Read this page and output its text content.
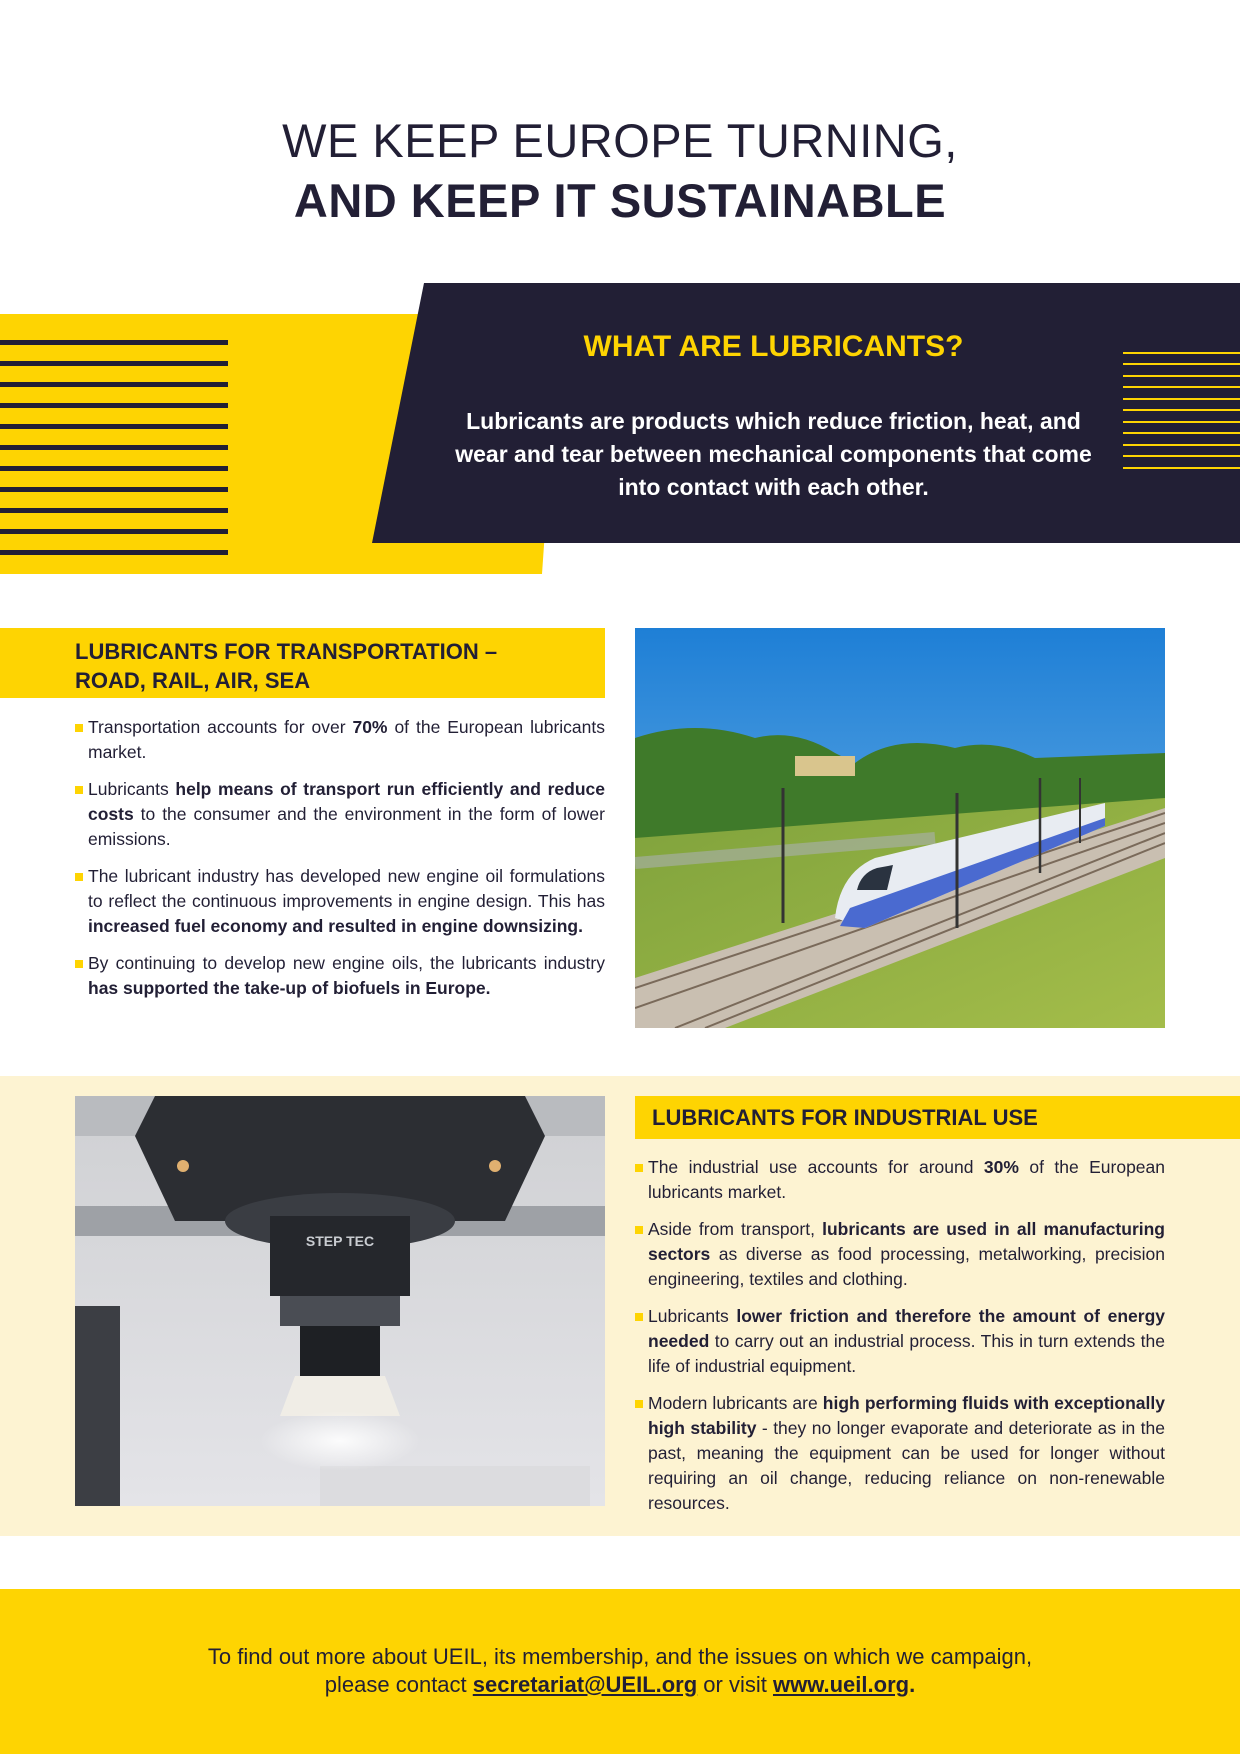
WE KEEP EUROPE TURNING,
AND KEEP IT SUSTAINABLE
WHAT ARE LUBRICANTS?
Lubricants are products which reduce friction, heat, and wear and tear between mechanical components that come into contact with each other.
LUBRICANTS FOR TRANSPORTATION –
ROAD, RAIL, AIR, SEA
Transportation accounts for over 70% of the European lubricants market.
Lubricants help means of transport run efficiently and reduce costs to the consumer and the environment in the form of lower emissions.
The lubricant industry has developed new engine oil formulations to reflect the continuous improvements in engine design. This has increased fuel economy and resulted in engine downsizing.
By continuing to develop new engine oils, the lubricants industry has supported the take-up of biofuels in Europe.
STEP TEC
LUBRICANTS FOR INDUSTRIAL USE
The industrial use accounts for around 30% of the European lubricants market.
Aside from transport, lubricants are used in all manufacturing sectors as diverse as food processing, metalworking, precision engineering, textiles and clothing.
Lubricants lower friction and therefore the amount of energy needed to carry out an industrial process. This in turn extends the life of industrial equipment.
Modern lubricants are high performing fluids with exceptionally high stability - they no longer evaporate and deteriorate as in the past, meaning the equipment can be used for longer without requiring an oil change, reducing reliance on non-renewable resources.
To find out more about UEIL, its membership, and the issues on which we campaign,
please contact secretariat@UEIL.org or visit www.ueil.org.
